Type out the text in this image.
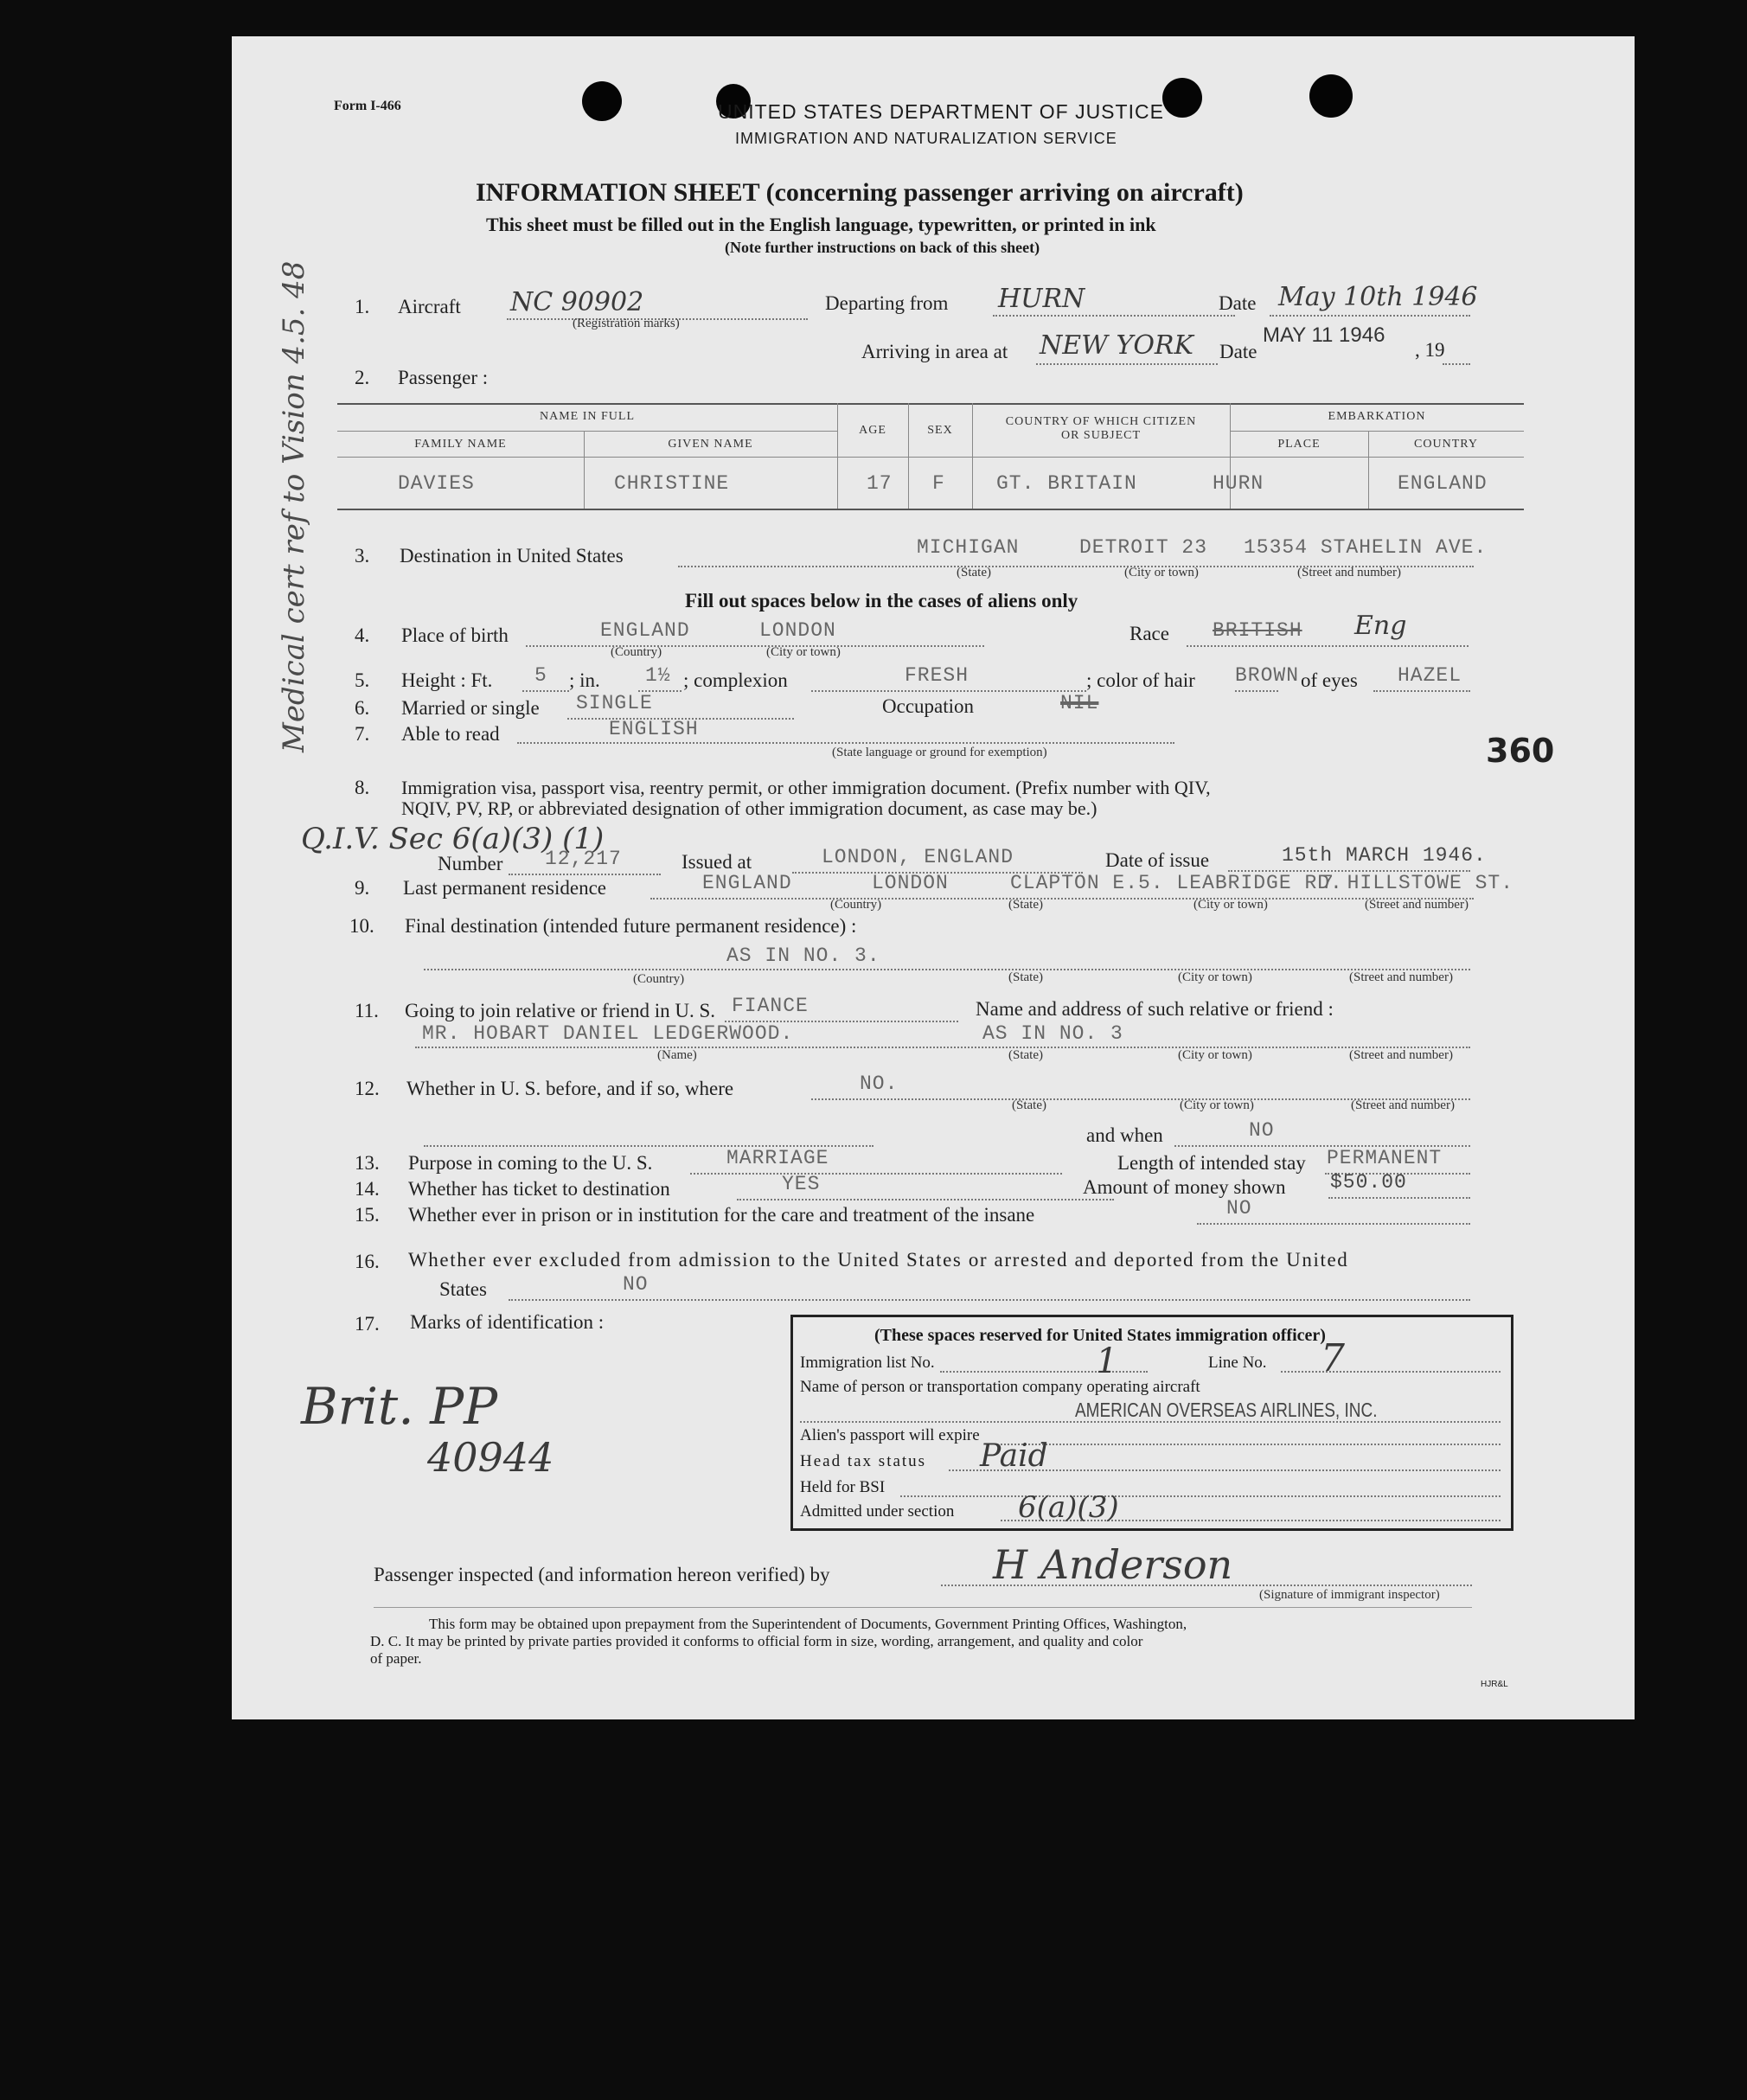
Form I-466	UNITED STATES DEPARTMENT OF JUSTICE
IMMIGRATION AND NATURALIZATION SERVICE
INFORMATION SHEET (concerning passenger arriving on aircraft)
This sheet must be filled out in the English language, typewritten, or printed in ink
(Note further instructions on back of this sheet)
1. Aircraft NC 90902
(Registration marks)
Departing from HURN	Date May 10th 1946
Arriving in area at NEW YORK Date
MAY 11 1946
, 19
2. Passenger :
NAME IN FULL
FAMILY NAME	GIVEN NAME
AGE	SEX
COUNTRY OF WHICH CITIZEN OR SUBJECT
EMBARKATION
PLACE	COUNTRY
DAVIES	CHRISTINE	17 F	GT. BRITAIN	HURN	ENGLAND
3. Destination in United States	MICHIGAN	DETROIT 23 15354 STAHELIN AVE.
(State)	(City or town)	(Street and number)
Fill out spaces below in the cases of aliens only
4. Place of birth	ENGLAND	LONDON
(Country)	(City or town)
Race BRITISH Eng
5. Height : Ft. 5 ; in. 1½ ; complexion	FRESH	; color of hair BROWN of eyes HAZEL
6. Married or single SINGLE	Occupation	NIL
7. Able to read	ENGLISH
(State language or ground for exemption)	360
8. Immigration visa, passport visa, reentry permit, or other immigration document. (Prefix number with QIV,
NQIV, PV, RP, or abbreviated designation of other immigration document, as case may be.)
Q.I.V. Sec 6(a)(3) (1)
Number 12,217	Issued at	LONDON, ENGLAND	Date of issue	15th MARCH 1946.
9. Last permanent residence	ENGLAND	LONDON	CLAPTON E.5. LEABRIDGE RD.
7 HILLSTOWE ST.
(Country)	(State)	(City or town)	(Street and number)
10. Final destination (intended future permanent residence) :
AS IN NO. 3.
(Country)	(State)	(City or town)	(Street and number)
11. Going to join relative or friend in U. S. FIANCE	Name and address of such relative or friend :
MR. HOBART DANIEL LEDGERWOOD.	AS IN NO. 3
(Name)	(State)	(City or town)	(Street and number)
12. Whether in U. S. before, and if so, where	NO.
(State)	(City or town)	(Street and number)
and when	NO
13. Purpose in coming to the U. S.	MARRIAGE	Length of intended stay PERMANENT
14. Whether has ticket to destination	YES	Amount of money shown $50.00
15. Whether ever in prison or in institution for the care and treatment of the insane	NO
16. Whether ever excluded from admission to the United States or arrested and deported from the United
States	NO
17. Marks of identification :
Brit. PP
40944
(These spaces reserved for United States immigration officer)
Immigration list No.	1	Line No. 7
Name of person or transportation company operating aircraft
AMERICAN OVERSEAS AIRLINES, INC.
Alien's passport will expire
Head tax status Paid
Held for BSI
Admitted under section 6(a)(3)
Passenger inspected (and information hereon verified) by	H Anderson
(Signature of immigrant inspector)
This form may be obtained upon prepayment from the Superintendent of Documents, Government Printing Offices, Washington,
D. C. It may be printed by private parties provided it conforms to official form in size, wording, arrangement, and quality and color
of paper.
HJR&L
Medical cert ref to Vision 4.5. 48
